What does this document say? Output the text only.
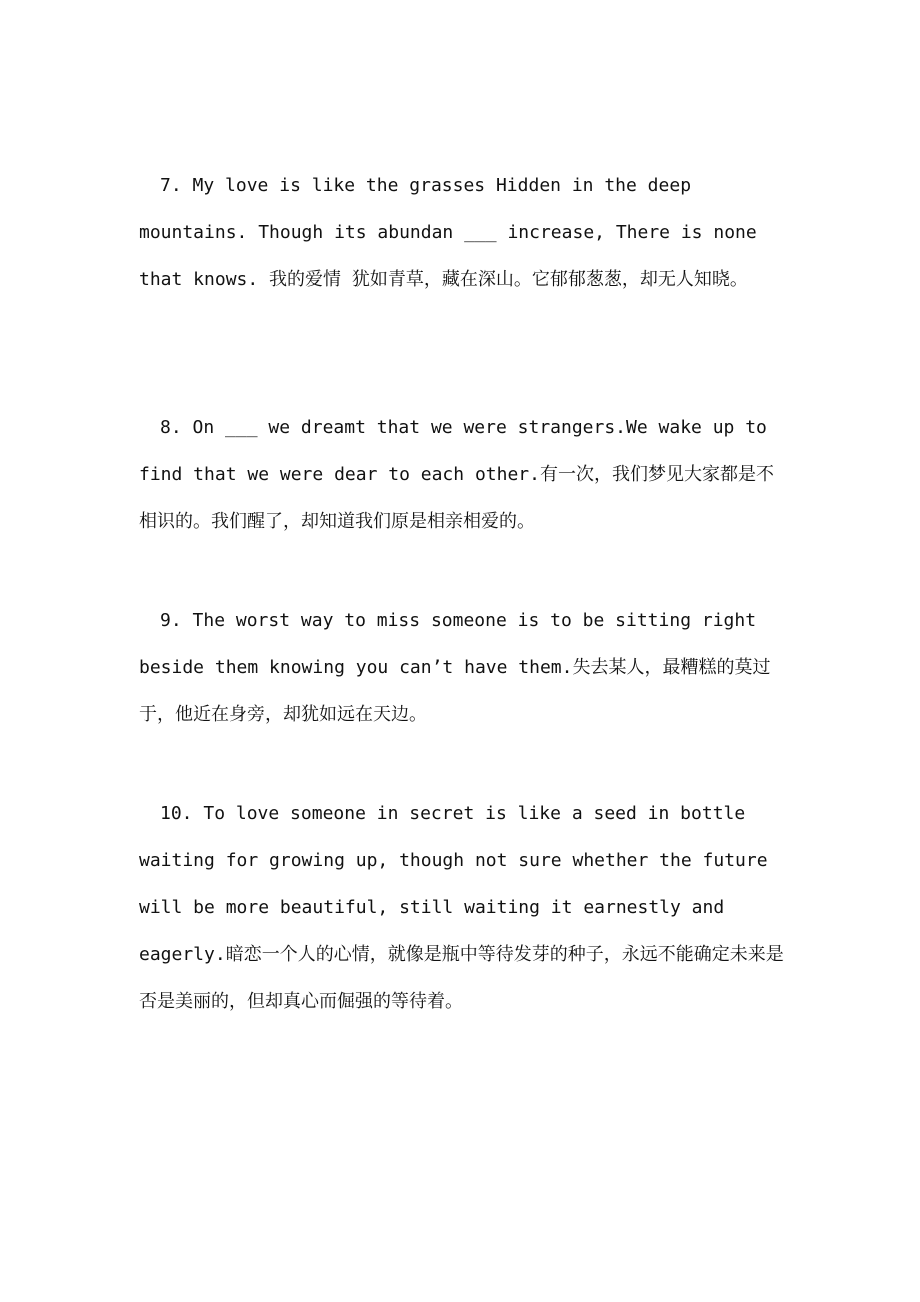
7. My love is like the grasses Hidden in the deep mountains. Though its abundan ___ increase, There is none that knows. 我的爱情 犹如青草，藏在深山。它郁郁葱葱，却无人知晓。

8. On ___ we dreamt that we were strangers.We wake up to find that we were dear to each other.有一次，我们梦见大家都是不相识的。我们醒了，却知道我们原是相亲相爱的。

9. The worst way to miss someone is to be sitting right beside them knowing you can’t have them.失去某人，最糟糕的莫过于，他近在身旁，却犹如远在天边。

10. To love someone in secret is like a seed in bottle waiting for growing up, though not sure whether the future will be more beautiful, still waiting it earnestly and eagerly.暗恋一个人的心情，就像是瓶中等待发芽的种子，永远不能确定未来是否是美丽的，但却真心而倔强的等待着。
